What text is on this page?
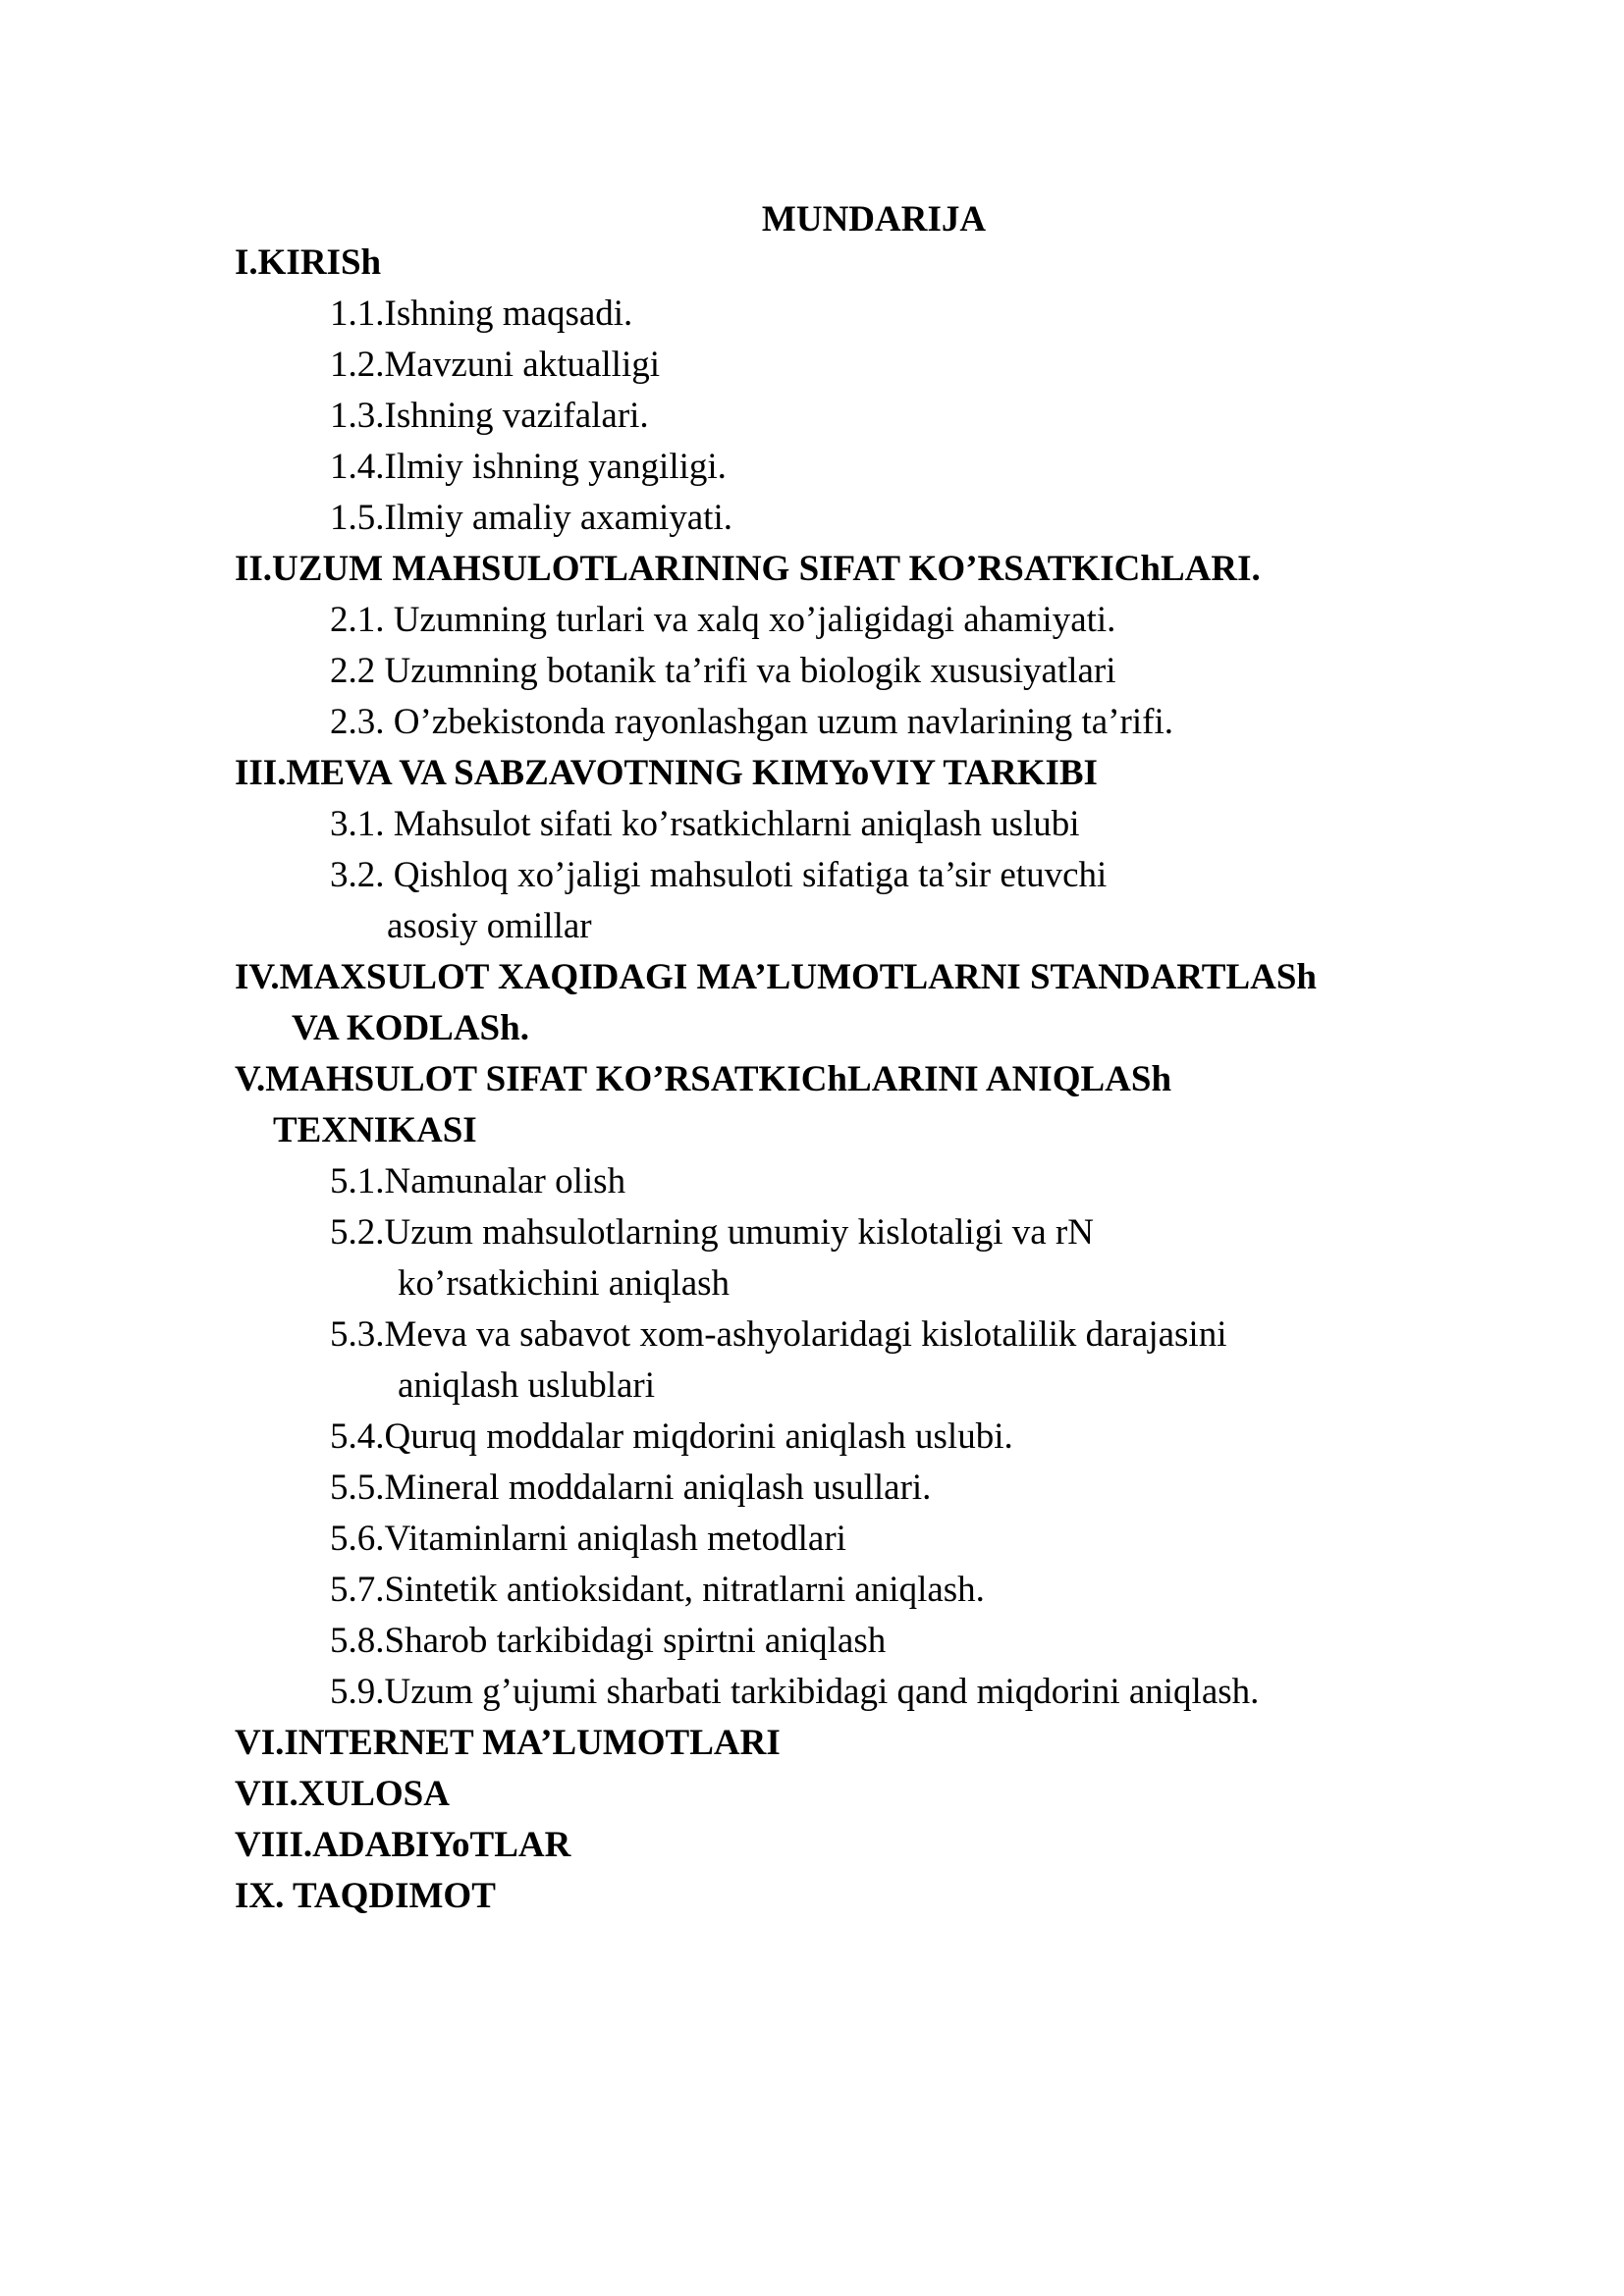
MUNDARIJA
I.KIRISh
1.1.Ishning maqsadi.
1.2.Mavzuni aktualligi
1.3.Ishning vazifalari.
1.4.Ilmiy ishning yangiligi.
1.5.Ilmiy amaliy axamiyati.
II.UZUM MAHSULOTLARINING SIFAT KO’RSATKIChLARI.
2.1. Uzumning turlari va xalq xo’jaligidagi ahamiyati.
2.2 Uzumning botanik ta’rifi va biologik xususiyatlari
2.3. O’zbekistonda rayonlashgan uzum navlarining ta’rifi.
III.MEVA VA SABZAVOTNING KIMYoVIY TARKIBI
3.1. Mahsulot sifati ko’rsatkichlarni aniqlash uslubi
3.2. Qishloq xo’jaligi mahsuloti sifatiga ta’sir etuvchi
asosiy omillar
IV.MAXSULOT XAQIDAGI MA’LUMOTLARNI STANDARTLASh
VA KODLASh.
V.MAHSULOT SIFAT KO’RSATKIChLARINI ANIQLASh
TEXNIKASI
5.1.Namunalar olish
5.2.Uzum mahsulotlarning umumiy kislotaligi va rN
ko’rsatkichini aniqlash
5.3.Meva va sabavot xom-ashyolaridagi kislotalilik darajasini
aniqlash uslublari
5.4.Quruq moddalar miqdorini aniqlash uslubi.
5.5.Mineral moddalarni aniqlash usullari.
5.6.Vitaminlarni aniqlash metodlari
5.7.Sintetik antioksidant, nitratlarni aniqlash.
5.8.Sharob tarkibidagi spirtni aniqlash
5.9.Uzum g’ujumi sharbati tarkibidagi qand miqdorini aniqlash.
VI.INTERNET MA’LUMOTLARI
VII.XULOSA
VIII.ADABIYoTLAR
IX. TAQDIMOT
